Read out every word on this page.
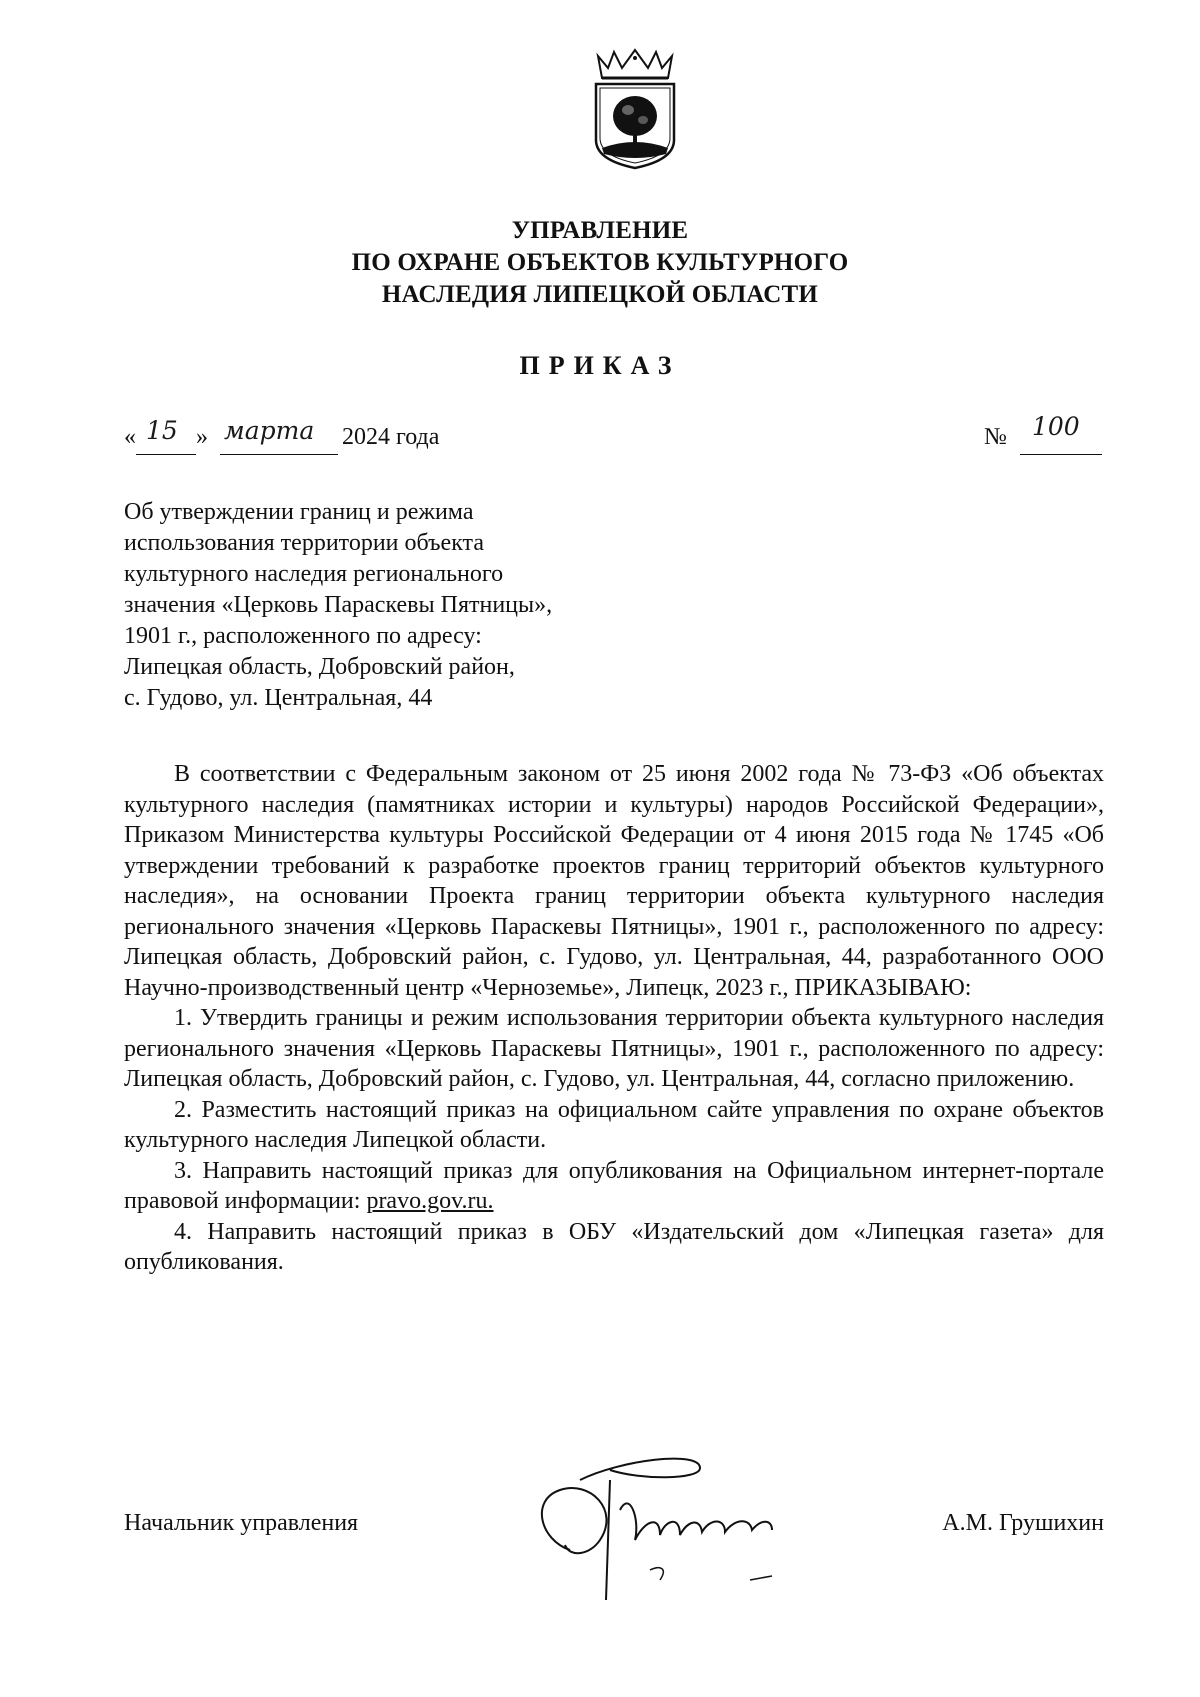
УПРАВЛЕНИЕ
ПО ОХРАНЕ ОБЪЕКТОВ КУЛЬТУРНОГО
НАСЛЕДИЯ ЛИПЕЦКОЙ ОБЛАСТИ
ПРИКАЗ
« 15 » марта 2024 года	№ 100
Об утверждении границ и режима
использования территории объекта
культурного наследия регионального
значения «Церковь Параскевы Пятницы»,
1901 г., расположенного по адресу:
Липецкая область, Добровский район,
с. Гудово, ул. Центральная, 44

В соответствии с Федеральным законом от 25 июня 2002 года № 73-ФЗ «Об объектах культурного наследия (памятниках истории и культуры) народов Российской Федерации», Приказом Министерства культуры Российской Федерации от 4 июня 2015 года № 1745 «Об утверждении требований к разработке проектов границ территорий объектов культурного наследия», на основании Проекта границ территории объекта культурного наследия регионального значения «Церковь Параскевы Пятницы», 1901 г., расположенного по адресу: Липецкая область, Добровский район, с. Гудово, ул. Центральная, 44, разработанного ООО Научно-производственный центр «Черноземье», Липецк, 2023 г., ПРИКАЗЫВАЮ:

1. Утвердить границы и режим использования территории объекта культурного наследия регионального значения «Церковь Параскевы Пятницы», 1901 г., расположенного по адресу: Липецкая область, Добровский район, с. Гудово, ул. Центральная, 44, согласно приложению.

2. Разместить настоящий приказ на официальном сайте управления по охране объектов культурного наследия Липецкой области.

3. Направить настоящий приказ для опубликования на Официальном интернет-портале правовой информации: pravo.gov.ru.

4. Направить настоящий приказ в ОБУ «Издательский дом «Липецкая газета» для опубликования.

Начальник управления	А.М. Грушихин
